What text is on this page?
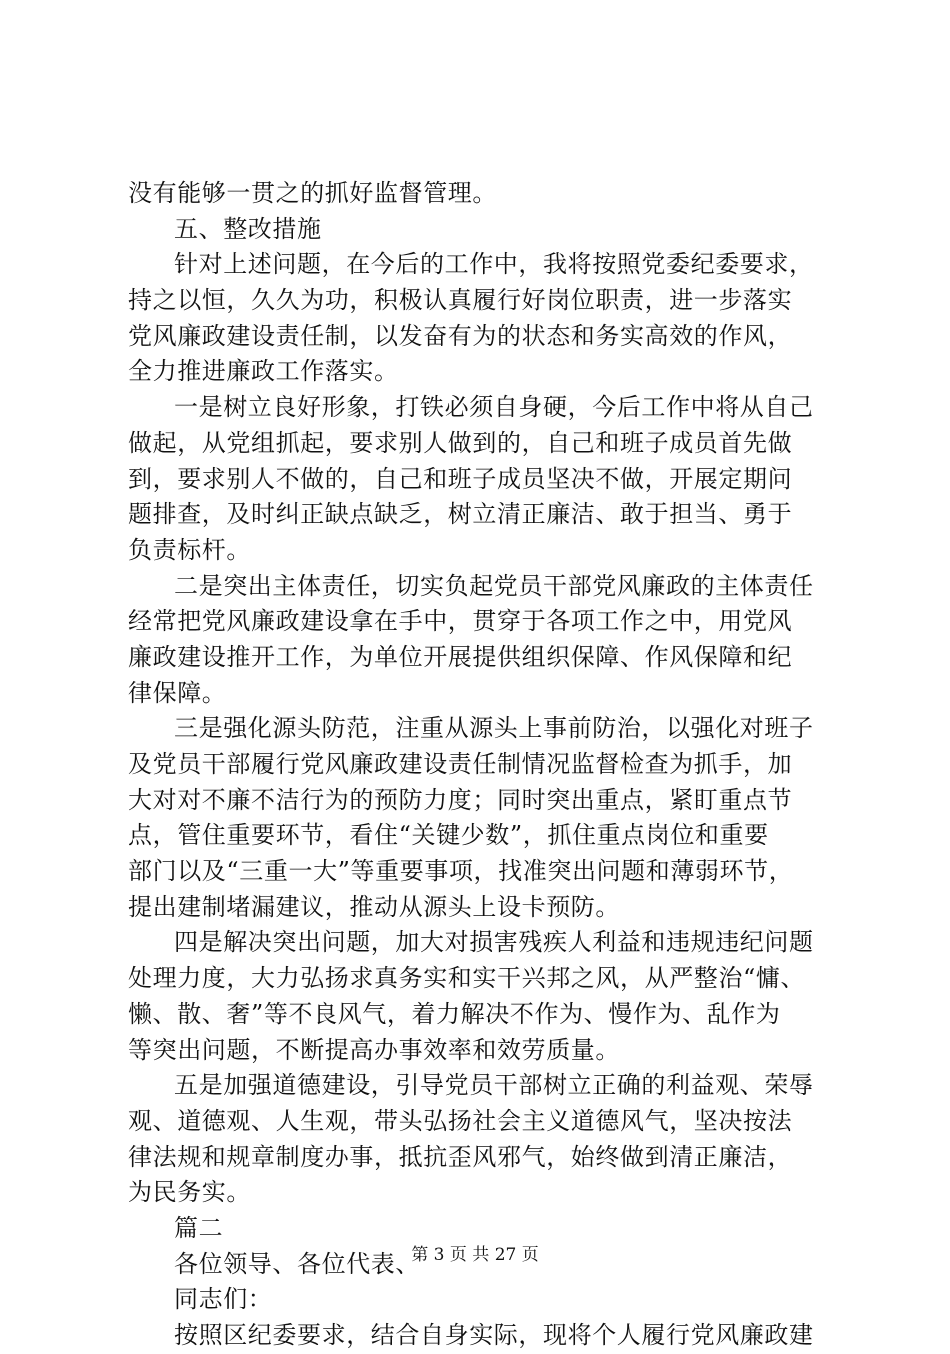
没有能够一贯之的抓好监督管理。
五、整改措施
针对上述问题，在今后的工作中，我将按照党委纪委要求，
持之以恒，久久为功，积极认真履行好岗位职责，进一步落实
党风廉政建设责任制，以发奋有为的状态和务实高效的作风，
全力推进廉政工作落实。
一是树立良好形象，打铁必须自身硬，今后工作中将从自己
做起，从党组抓起，要求别人做到的，自己和班子成员首先做
到，要求别人不做的，自己和班子成员坚决不做，开展定期问
题排查，及时纠正缺点缺乏，树立清正廉洁、敢于担当、勇于
负责标杆。
二是突出主体责任，切实负起党员干部党风廉政的主体责任
经常把党风廉政建设拿在手中，贯穿于各项工作之中，用党风
廉政建设推开工作，为单位开展提供组织保障、作风保障和纪
律保障。
三是强化源头防范，注重从源头上事前防治，以强化对班子
及党员干部履行党风廉政建设责任制情况监督检查为抓手，加
大对对不廉不洁行为的预防力度；同时突出重点，紧盯重点节
点，管住重要环节，看住“关键少数”，抓住重点岗位和重要
部门以及“三重一大”等重要事项，找准突出问题和薄弱环节，
提出建制堵漏建议，推动从源头上设卡预防。
四是解决突出问题，加大对损害残疾人利益和违规违纪问题
处理力度，大力弘扬求真务实和实干兴邦之风，从严整治“慵、
懒、散、奢”等不良风气，着力解决不作为、慢作为、乱作为
等突出问题，不断提高办事效率和效劳质量。
五是加强道德建设，引导党员干部树立正确的利益观、荣辱
观、道德观、人生观，带头弘扬社会主义道德风气，坚决按法
律法规和规章制度办事，抵抗歪风邪气，始终做到清正廉洁，
为民务实。
篇二
各位领导、各位代表、
同志们：
按照区纪委要求，结合自身实际，现将个人履行党风廉政建
第 3 页 共 27 页
